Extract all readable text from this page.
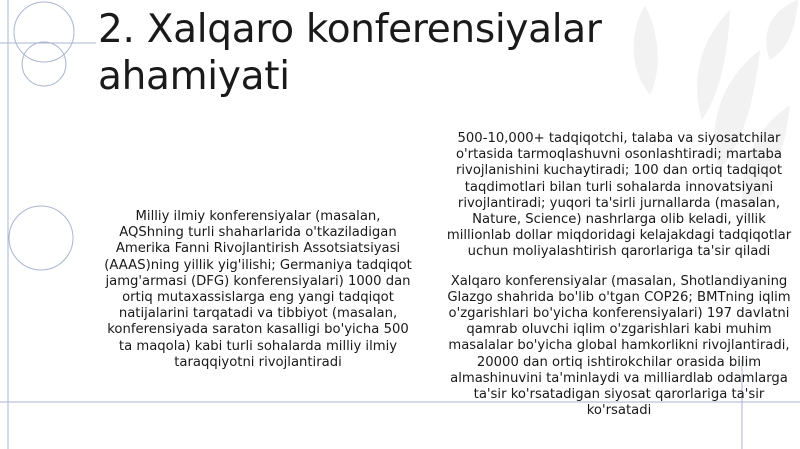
2. Xalqaro konferensiyalar ahamiyati

Milliy ilmiy konferensiyalar (masalan, AQShning turli shaharlarida o'tkaziladigan Amerika Fanni Rivojlantirish Assotsiatsiyasi (AAAS)ning yillik yig'ilishi; Germaniya tadqiqot jamg'armasi (DFG) konferensiyalari) 1000 dan ortiq mutaxassislarga eng yangi tadqiqot natijalarini tarqatadi va tibbiyot (masalan, konferensiyada saraton kasalligi bo'yicha 500 ta maqola) kabi turli sohalarda milliy ilmiy taraqqiyotni rivojlantiradi

500-10,000+ tadqiqotchi, talaba va siyosatchilar o'rtasida tarmoqlashuvni osonlashtiradi; martaba rivojlanishini kuchaytiradi; 100 dan ortiq tadqiqot taqdimotlari bilan turli sohalarda innovatsiyani rivojlantiradi; yuqori ta'sirli jurnallarda (masalan, Nature, Science) nashrlarga olib keladi, yillik millionlab dollar miqdoridagi kelajakdagi tadqiqotlar uchun moliyalashtirish qarorlariga ta'sir qiladi

Xalqaro konferensiyalar (masalan, Shotlandiyaning Glazgo shahrida bo'lib o'tgan COP26; BMTning iqlim o'zgarishlari bo'yicha konferensiyalari) 197 davlatni qamrab oluvchi iqlim o'zgarishlari kabi muhim masalalar bo'yicha global hamkorlikni rivojlantiradi, 20000 dan ortiq ishtirokchilar orasida bilim almashinuvini ta'minlaydi va milliardlab odamlarga ta'sir ko'rsatadigan siyosat qarorlariga ta'sir ko'rsatadi
